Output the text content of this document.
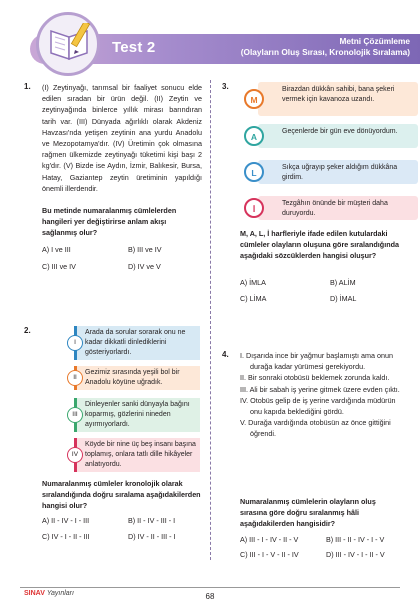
Test 2	Metni Çözümleme
(Olayların Oluş Sırası, Kronolojik Sıralama)
1. (I) Zeytinyağı, tarımsal bir faaliyet sonucu elde edilen sıradan bir ürün değil. (II) Zeytin ve zeytinyağında binlerce yıllık mirası barındıran tarih var. (III) Dünyada ağırlıklı olarak Akdeniz Havzası'nda yetişen zeytinin ana yurdu Anadolu ve Mezopotamya'dır. (IV) Üretimin çok olmasına rağmen ülkemizde zeytinyağı tüketimi kişi başı 2 kg'dır. (V) Bizde ise Aydın, İzmir, Balıkesir, Bursa, Hatay, Gaziantep zeytin üretiminin yapıldığı önemli illerdendir.
Bu metinde numaralanmış cümlelerden hangileri yer değiştirirse anlam akışı sağlanmış olur?
A) I ve III	B) III ve IV
C) III ve IV	D) IV ve V
2.
I
Arada da sorular sorarak onu ne kadar dikkatli dinlediklerini gösteriyorlardı.
II
Gezimiz sırasında yeşili bol bir Anadolu köyüne uğradık.
III
Dinleyenler sanki dünyayla bağını koparmış, gözlerini nineden ayırmıyorlardı.
IV
Köyde bir nine üç beş insanı başına toplamış, onlara tatlı dille hikâyeler anlatıyordu.
Numaralanmış cümleler kronolojik olarak sıralandığında doğru sıralama aşağıdakilerden hangisi olur?
A) II - IV - I - III	B) II - IV - III - I
C) IV - I - II - III	D) IV - II - III - I
3.
M
Birazdan dükkân sahibi, bana şekeri vermek için kavanoza uzandı.
A
Geçenlerde bir gün eve dönüyordum.
L
Sıkça uğrayıp şeker aldığım dükkâna girdim.
İ
Tezgâhın önünde bir müşteri daha duruyordu.
M, A, L, İ harfleriyle ifade edilen kutulardaki cümleler olayların oluşuna göre sıralandığında aşağıdaki sözcüklerden hangisi oluşur?
A) İMLA	B) ALİM
C) LİMA	D) İMAL
4. I. Dışarıda ince bir yağmur başlamıştı ama onun durağa kadar yürümesi gerekiyordu.
II. Bir sonraki otobüsü beklemek zorunda kaldı.
III. Ali bir sabah iş yerine gitmek üzere evden çıktı.
IV. Otobüs gelip de iş yerine vardığında müdürün onu kapıda beklediğini gördü.
V. Durağa vardığında otobüsün az önce gittiğini öğrendi.
Numaralanmış cümlelerin olayların oluş sırasına göre doğru sıralanmış hâli aşağıdakilerden hangisidir?
A) III - I - IV - II - V	B) III - II - IV - I - V
C) III - I - V - II - IV	D) III - IV - I - II - V
SINAV Yayınları	68
